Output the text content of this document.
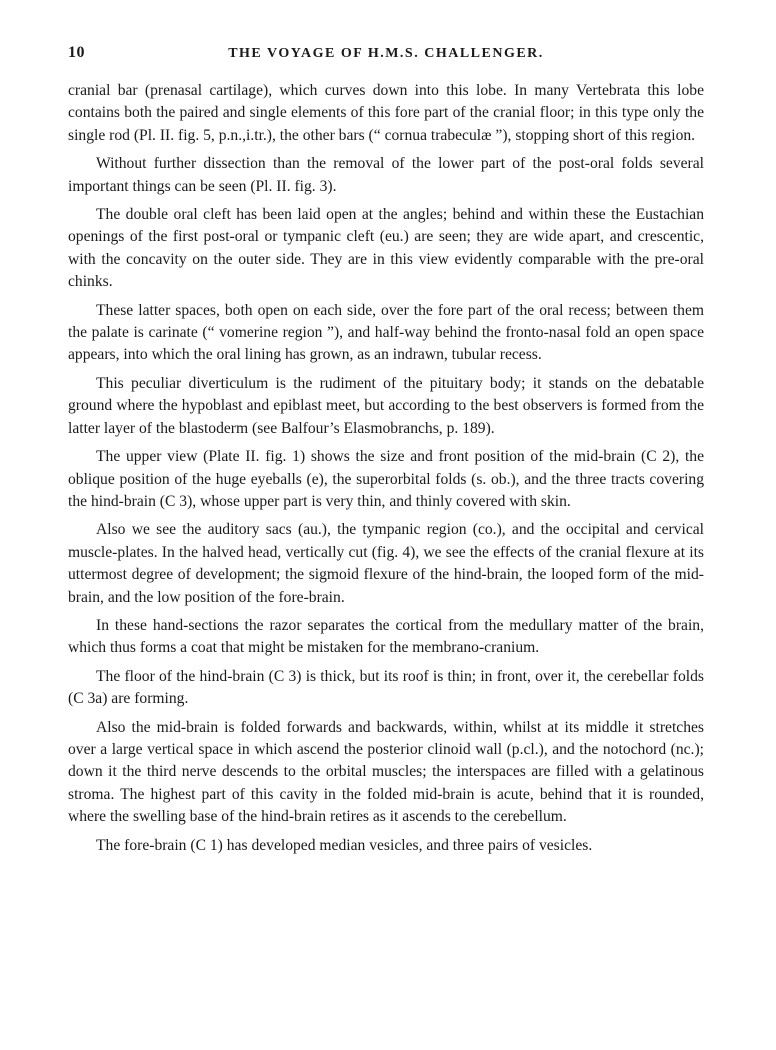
10	THE VOYAGE OF H.M.S. CHALLENGER.

cranial bar (prenasal cartilage), which curves down into this lobe. In many Vertebrata this lobe contains both the paired and single elements of this fore part of the cranial floor; in this type only the single rod (Pl. II. fig. 5, p.n.,i.tr.), the other bars (“ cornua trabeculæ ”), stopping short of this region.

Without further dissection than the removal of the lower part of the post-oral folds several important things can be seen (Pl. II. fig. 3).

The double oral cleft has been laid open at the angles; behind and within these the Eustachian openings of the first post-oral or tympanic cleft (eu.) are seen; they are wide apart, and crescentic, with the concavity on the outer side. They are in this view evidently comparable with the pre-oral chinks.

These latter spaces, both open on each side, over the fore part of the oral recess; between them the palate is carinate (“ vomerine region ”), and half-way behind the fronto-nasal fold an open space appears, into which the oral lining has grown, as an indrawn, tubular recess.

This peculiar diverticulum is the rudiment of the pituitary body; it stands on the debatable ground where the hypoblast and epiblast meet, but according to the best observers is formed from the latter layer of the blastoderm (see Balfour’s Elasmobranchs, p. 189).

The upper view (Plate II. fig. 1) shows the size and front position of the mid-brain (C 2), the oblique position of the huge eyeballs (e), the superorbital folds (s. ob.), and the three tracts covering the hind-brain (C 3), whose upper part is very thin, and thinly covered with skin.

Also we see the auditory sacs (au.), the tympanic region (co.), and the occipital and cervical muscle-plates. In the halved head, vertically cut (fig. 4), we see the effects of the cranial flexure at its uttermost degree of development; the sigmoid flexure of the hind-brain, the looped form of the mid-brain, and the low position of the fore-brain.

In these hand-sections the razor separates the cortical from the medullary matter of the brain, which thus forms a coat that might be mistaken for the membrano-cranium.

The floor of the hind-brain (C 3) is thick, but its roof is thin; in front, over it, the cerebellar folds (C 3a) are forming.

Also the mid-brain is folded forwards and backwards, within, whilst at its middle it stretches over a large vertical space in which ascend the posterior clinoid wall (p.cl.), and the notochord (nc.); down it the third nerve descends to the orbital muscles; the interspaces are filled with a gelatinous stroma. The highest part of this cavity in the folded mid-brain is acute, behind that it is rounded, where the swelling base of the hind-brain retires as it ascends to the cerebellum.

The fore-brain (C 1) has developed median vesicles, and three pairs of vesicles.
